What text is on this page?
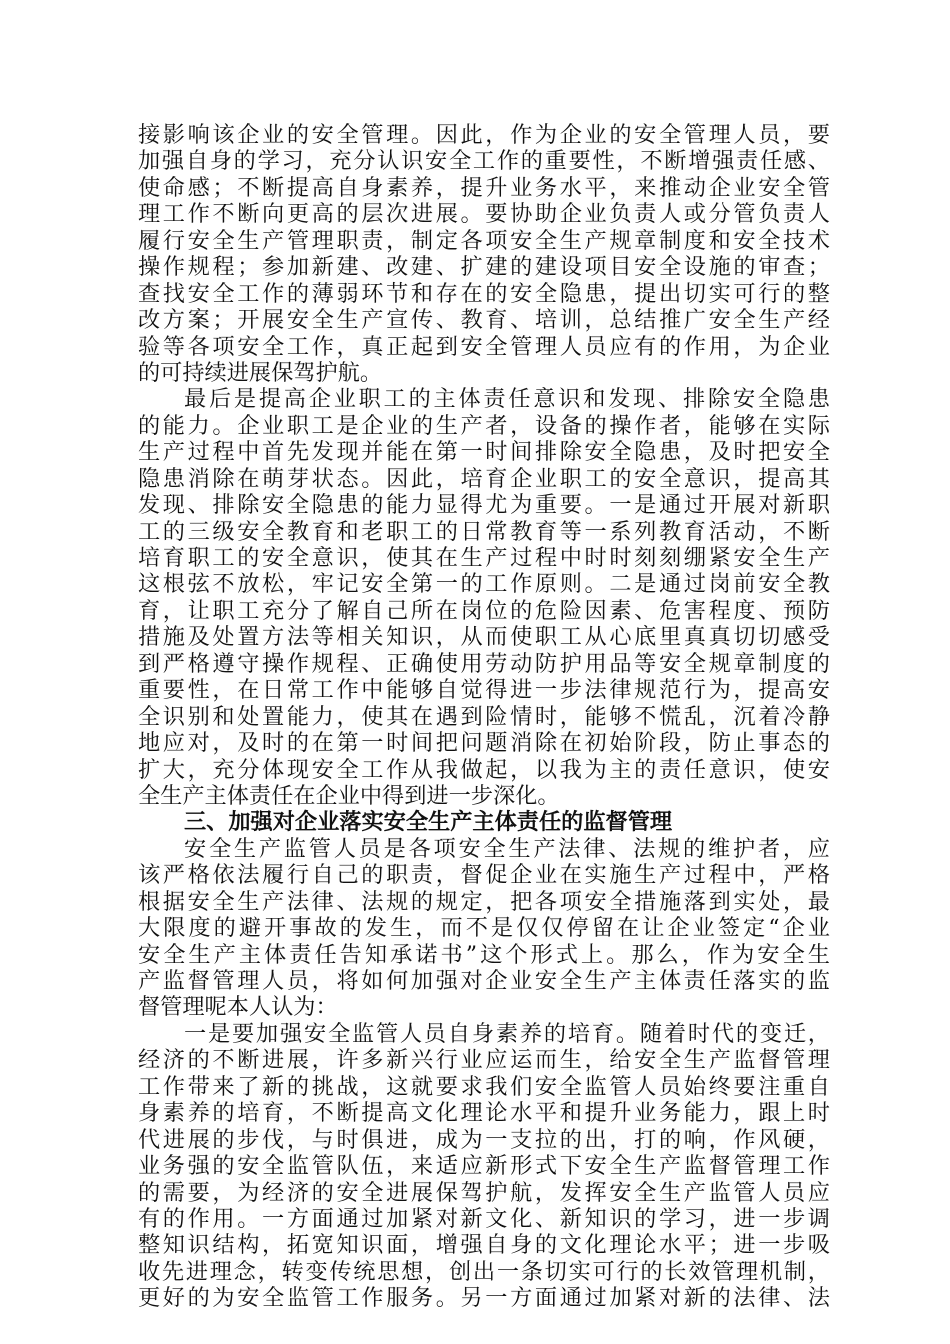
接影响该企业的安全管理。因此，作为企业的安全管理人员，要
加强自身的学习，充分认识安全工作的重要性，不断增强责任感、
使命感；不断提高自身素养，提升业务水平，来推动企业安全管
理工作不断向更高的层次进展。要协助企业负责人或分管负责人
履行安全生产管理职责，制定各项安全生产规章制度和安全技术
操作规程；参加新建、改建、扩建的建设项目安全设施的审查；
查找安全工作的薄弱环节和存在的安全隐患，提出切实可行的整
改方案；开展安全生产宣传、教育、培训，总结推广安全生产经
验等各项安全工作，真正起到安全管理人员应有的作用，为企业
的可持续进展保驾护航。
最后是提高企业职工的主体责任意识和发现、排除安全隐患
的能力。企业职工是企业的生产者，设备的操作者，能够在实际
生产过程中首先发现并能在第一时间排除安全隐患，及时把安全
隐患消除在萌芽状态。因此，培育企业职工的安全意识，提高其
发现、排除安全隐患的能力显得尤为重要。一是通过开展对新职
工的三级安全教育和老职工的日常教育等一系列教育活动，不断
培育职工的安全意识，使其在生产过程中时时刻刻绷紧安全生产
这根弦不放松，牢记安全第一的工作原则。二是通过岗前安全教
育，让职工充分了解自己所在岗位的危险因素、危害程度、预防
措施及处置方法等相关知识，从而使职工从心底里真真切切感受
到严格遵守操作规程、正确使用劳动防护用品等安全规章制度的
重要性，在日常工作中能够自觉得进一步法律规范行为，提高安
全识别和处置能力，使其在遇到险情时，能够不慌乱，沉着冷静
地应对，及时的在第一时间把问题消除在初始阶段，防止事态的
扩大，充分体现安全工作从我做起，以我为主的责任意识，使安
全生产主体责任在企业中得到进一步深化。
三、加强对企业落实安全生产主体责任的监督管理
安全生产监管人员是各项安全生产法律、法规的维护者，应
该严格依法履行自己的职责，督促企业在实施生产过程中，严格
根据安全生产法律、法规的规定，把各项安全措施落到实处，最
大限度的避开事故的发生，而不是仅仅停留在让企业签定“企业
安全生产主体责任告知承诺书”这个形式上。那么，作为安全生
产监督管理人员，将如何加强对企业安全生产主体责任落实的监
督管理呢本人认为：
一是要加强安全监管人员自身素养的培育。随着时代的变迁，
经济的不断进展，许多新兴行业应运而生，给安全生产监督管理
工作带来了新的挑战，这就要求我们安全监管人员始终要注重自
身素养的培育，不断提高文化理论水平和提升业务能力，跟上时
代进展的步伐，与时俱进，成为一支拉的出，打的响，作风硬，
业务强的安全监管队伍，来适应新形式下安全生产监督管理工作
的需要，为经济的安全进展保驾护航，发挥安全生产监管人员应
有的作用。一方面通过加紧对新文化、新知识的学习，进一步调
整知识结构，拓宽知识面，增强自身的文化理论水平；进一步吸
收先进理念，转变传统思想，创出一条切实可行的长效管理机制，
更好的为安全监管工作服务。另一方面通过加紧对新的法律、法
